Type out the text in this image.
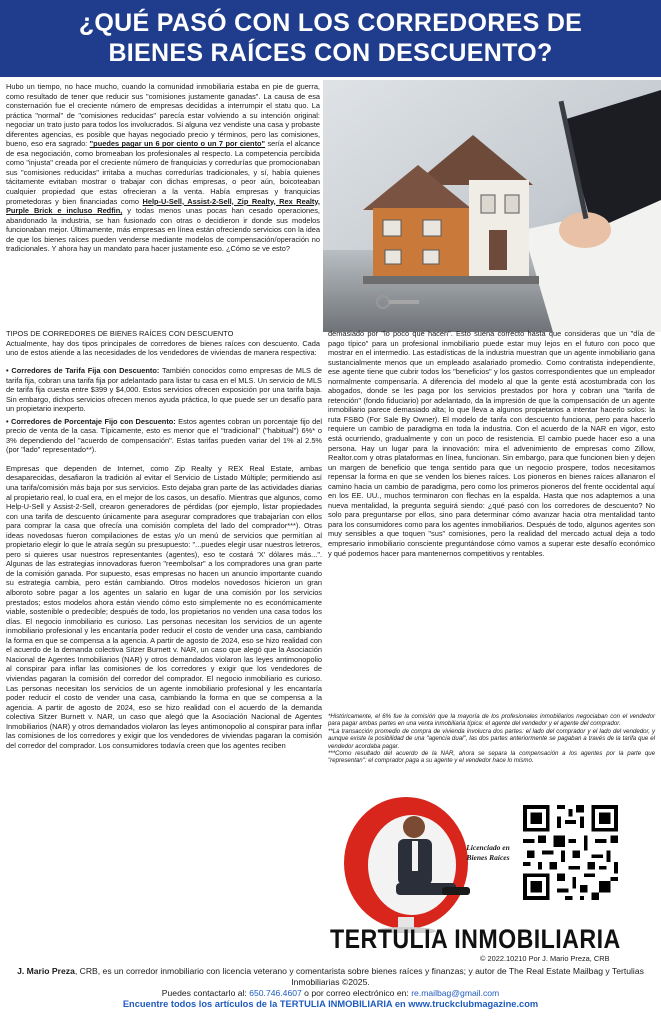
¿QUÉ PASÓ CON LOS CORREDORES DE
BIENES RAÍCES CON DESCUENTO?

Hubo un tiempo, no hace mucho, cuando la comunidad inmobiliaria estaba en pie de guerra, como resultado de tener que reducir sus "comisiones justamente ganadas". La causa de esa consternación fue el creciente número de empresas decididas a interrumpir el statu quo. La práctica "normal" de "comisiones reducidas" parecía estar volviendo a su intención original: negociar un trato justo para todos los involucrados. Si alguna vez vendiste una casa y probaste diferentes agencias, es posible que hayas negociado precio y términos, pero las comisiones, bueno, eso era sagrado: "puedes pagar un 6 por ciento o un 7 por ciento" sería el alcance de esa negociación, como bromeaban los profesionales al respecto. La competencia percibida como "injusta" creada por el creciente número de franquicias y corredurías que promocionaban sus "comisiones reducidas" irritaba a muchas corredurías tradicionales, y sí, había quienes tácitamente evitaban mostrar o trabajar con dichas empresas, o peor aún, boicoteaban cualquier propiedad que estas ofrecieran a la venta. Había empresas y franquicias prometedoras y bien financiadas como Help-U-Sell, Assist-2-Sell, Zip Realty, Rex Realty, Purple Brick e incluso Redfin, y todas menos unas pocas han cesado operaciones, abandonado la industria, se han fusionado con otras o decidieron ir donde sus modelos funcionaban mejor. Últimamente, más empresas en línea están ofreciendo servicios con la idea de que los bienes raíces pueden venderse mediante modelos de compensación/operación no tradicionales. Y ahora hay un mandato para hacer justamente eso. ¿Cómo se ve esto?

TIPOS DE CORREDORES DE BIENES RAÍCES CON DESCUENTO

Actualmente, hay dos tipos principales de corredores de bienes raíces con descuento. Cada uno de estos atiende a las necesidades de los vendedores de viviendas de manera respectiva:

• Corredores de Tarifa Fija con Descuento: También conocidos como empresas de MLS de tarifa fija, cobran una tarifa fija por adelantado para listar tu casa en el MLS. Un servicio de MLS de tarifa fija cuesta entre $399 y $4,000. Estos servicios ofrecen exposición por una tarifa baja. Sin embargo, dichos servicios ofrecen menos ayuda práctica, lo que puede ser un desafío para un propietario inexperto.

• Corredores de Porcentaje Fijo con Descuento: Estos agentes cobran un porcentaje fijo del precio de venta de la casa. Típicamente, esto es menor que el "tradicional" ("habitual") 6%* o 3% dependiendo del "acuerdo de compensación". Estas tarifas pueden variar del 1% al 2.5% (por "lado" representado**).

Empresas que dependen de Internet, como Zip Realty y REX Real Estate, ambas desaparecidas, desafiaron la tradición al evitar el Servicio de Listado Múltiple; permitiendo así una tarifa/comisión más baja por sus servicios. Esto dejaba gran parte de las actividades diarias al propietario real, lo cual era, en el mejor de los casos, un desafío. Mientras que algunos, como Help-U-Sell y Assist-2-Sell, crearon generadores de pérdidas (por ejemplo, listar propiedades con una tarifa de descuento únicamente para asegurar compradores que trabajarían con ellos para comprar la casa que ofrecía una comisión completa del lado del comprador***). Otras ideas novedosas fueron compilaciones de estas y/o un menú de servicios que permitían al propietario elegir lo que le atraía según su presupuesto: "...puedes elegir usar nuestros letreros, pero si quieres usar nuestros representantes (agentes), eso te costará 'X' dólares más...". Algunas de las estrategias innovadoras fueron "reembolsar" a los compradores una gran parte de la comisión ganada. Por supuesto, esas empresas no hacen un anuncio importante cuando su estrategia cambia, pero están cambiando. Otros modelos novedosos hicieron un gran alboroto sobre pagar a los agentes un salario en lugar de una comisión por los servicios prestados; estos modelos ahora están viendo cómo esto simplemente no es económicamente viable, sostenible o predecible; después de todo, los propietarios no venden una casa todos los días. El negocio inmobiliario es curioso. Las personas necesitan los servicios de un agente inmobiliario profesional y les encantaría poder reducir el costo de vender una casa, cambiando la forma en que se compensa a la agencia. A partir de agosto de 2024, eso se hizo realidad con el acuerdo de la demanda colectiva Sitzer Burnett v. NAR, un caso que alegó que la Asociación Nacional de Agentes Inmobiliarios (NAR) y otros demandados violaron las leyes antimonopolio al conspirar para inflar las comisiones de los corredores y exigir que los vendedores de viviendas pagaran la comisión del corredor del comprador. El negocio inmobiliario es curioso. Las personas necesitan los servicios de un agente inmobiliario profesional y les encantaría poder reducir el costo de vender una casa, cambiando la forma en que se compensa a la agencia. A partir de agosto de 2024, eso se hizo realidad con el acuerdo de la demanda colectiva Sitzer Burnett v. NAR, un caso que alegó que la Asociación Nacional de Agentes Inmobiliarios (NAR) y otros demandados violaron las leyes antimonopolio al conspirar para inflar las comisiones de los corredores y exigir que los vendedores de viviendas pagaran la comisión del corredor del comprador. Los consumidores todavía creen que los agentes reciben

demasiado por "lo poco que hacen". Esto suena correcto hasta que consideras que un "día de pago típico" para un profesional inmobiliario puede estar muy lejos en el futuro con poco que mostrar en el intermedio. Las estadísticas de la industria muestran que un agente inmobiliario gana sustancialmente menos que un empleado asalariado promedio. Como contratista independiente, ese agente tiene que cubrir todos los "beneficios" y los gastos correspondientes que un empleador normalmente compensaría. A diferencia del modelo al que la gente está acostumbrada con los abogados, donde se les paga por los servicios prestados por hora y cobran una "tarifa de retención" (fondo fiduciario) por adelantado, da la impresión de que la compensación de un agente inmobiliario parece demasiado alta; lo que lleva a algunos propietarios a intentar hacerlo solos: la ruta FSBO (For Sale By Owner). El modelo de tarifa con descuento funciona, pero para hacerlo requiere un cambio de paradigma en toda la industria. Con el acuerdo de la NAR en vigor, esto está ocurriendo, gradualmente y con un poco de resistencia. El cambio puede hacer eso a una persona. Hay un lugar para la innovación: mira el advenimiento de empresas como Zillow, Realtor.com y otras plataformas en línea, funcionan. Sin embargo, para que funcionen bien y dejen un margen de beneficio que tenga sentido para que un negocio prospere, todos necesitamos repensar la forma en que se venden los bienes raíces. Los pioneros en bienes raíces allanaron el camino hacia un cambio de paradigma, pero como los primeros pioneros del frente occidental aquí en los EE. UU., muchos terminaron con flechas en la espalda. Hasta que nos adaptemos a una nueva mentalidad, la pregunta seguirá siendo: ¿qué pasó con los corredores de descuento? No solo para preguntarse por ellos, sino para determinar cómo avanzar hacia otra mentalidad tanto para los consumidores como para los agentes inmobiliarios. Después de todo, algunos agentes son muy sensibles a que toquen "sus" comisiones, pero la realidad del mercado actual deja a todo empresario inmobiliario consciente preguntándose cómo vamos a superar este desafío económico y qué podemos hacer para mantenernos competitivos y rentables.

*Históricamente, el 6% fue la comisión que la mayoría de los profesionales inmobiliarios negociaban con el vendedor para pagar ambas partes en una venta inmobiliaria típica: el agente del vendedor y el agente del comprador.

**La transacción promedio de compra de vivienda involucra dos partes: el lado del comprador y el lado del vendedor, y aunque existe la posibilidad de una "agencia dual", las dos partes anteriormente se pagaban a través de la tarifa que el vendedor acordaba pagar.

***Como resultado del acuerdo de la NAR, ahora se separa la compensación a los agentes por la parte que "representan": el comprador paga a su agente y el vendedor hace lo mismo.

Licenciado en Bienes Raíces
TERTULIA INMOBILIARIA
© 2022.10210 Por J. Mario Preza, CRB
J. Mario Preza, CRB, es un corredor inmobiliario con licencia veterano y comentarista sobre bienes raíces y finanzas; y autor de The Real Estate Mailbag y Tertulias Inmobiliarias ©2025.
Puedes contactarlo al: 650.746.4607 o por correo electrónico en: re.mailbag@gmail.com
Encuentre todos los artículos de la TERTULIA INMOBILIARIA en www.truckclubmagazine.com
